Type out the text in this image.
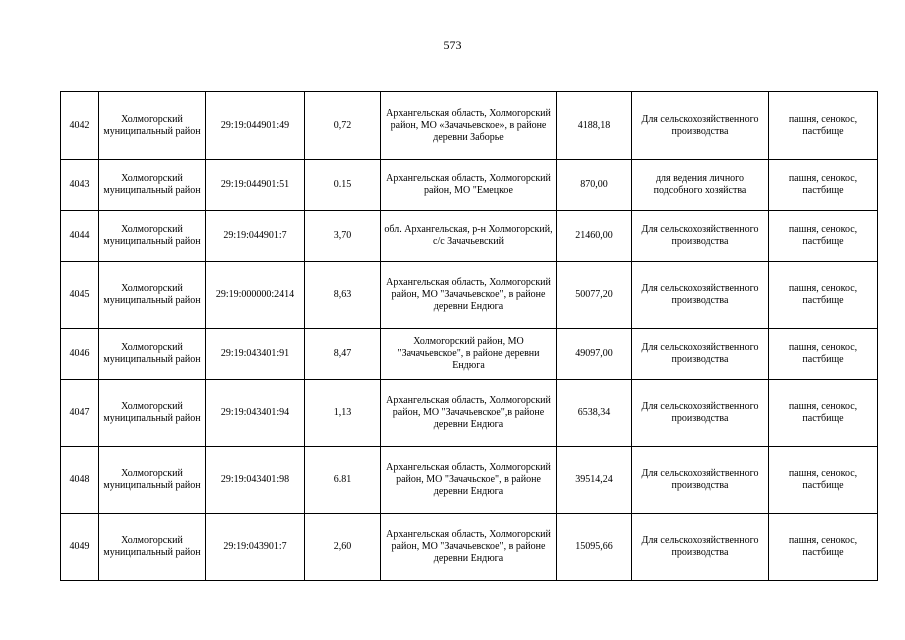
573
4042	Холмогорский муниципальный район	29:19:044901:49	0,72	Архангельская область, Холмогорский район, МО «Зачачьевское», в районе деревни Заборье	4188,18	Для сельскохозяйственного производства	пашня, сенокос, пастбище
4043	Холмогорский муниципальный район	29:19:044901:51	0.15	Архангельская область, Холмогорский район, МО "Емецкое	870,00	для ведения личного подсобного хозяйства	пашня, сенокос, пастбище
4044	Холмогорский муниципальный район	29:19:044901:7	3,70	обл. Архангельская, р-н Холмогорский, с/с Зачачьевский	21460,00	Для сельскохозяйственного производства	пашня, сенокос, пастбище
4045	Холмогорский муниципальный район	29:19:000000:2414	8,63	Архангельская область, Холмогорский район, МО "Зачачьевское", в районе деревни Ендюга	50077,20	Для сельскохозяйственного производства	пашня, сенокос, пастбище
4046	Холмогорский муниципальный район	29:19:043401:91	8,47	Холмогорский район, МО "Зачачьевское", в районе деревни Ендюга	49097,00	Для сельскохозяйственного производства	пашня, сенокос, пастбище
4047	Холмогорский муниципальный район	29:19:043401:94	1,13	Архангельская область, Холмогорский район, МО "Зачачьевское",в районе деревни Ендюга	6538,34	Для сельскохозяйственного производства	пашня, сенокос, пастбище
4048	Холмогорский муниципальный район	29:19:043401:98	6.81	Архангельская область, Холмогорский район, МО "Зачачьское", в районе деревни Ендюга	39514,24	Для сельскохозяйственного производства	пашня, сенокос, пастбище
4049	Холмогорский муниципальный район	29:19:043901:7	2,60	Архангельская область, Холмогорский район, МО "Зачачьевское", в районе деревни Ендюга	15095,66	Для сельскохозяйственного производства	пашня, сенокос, пастбище
